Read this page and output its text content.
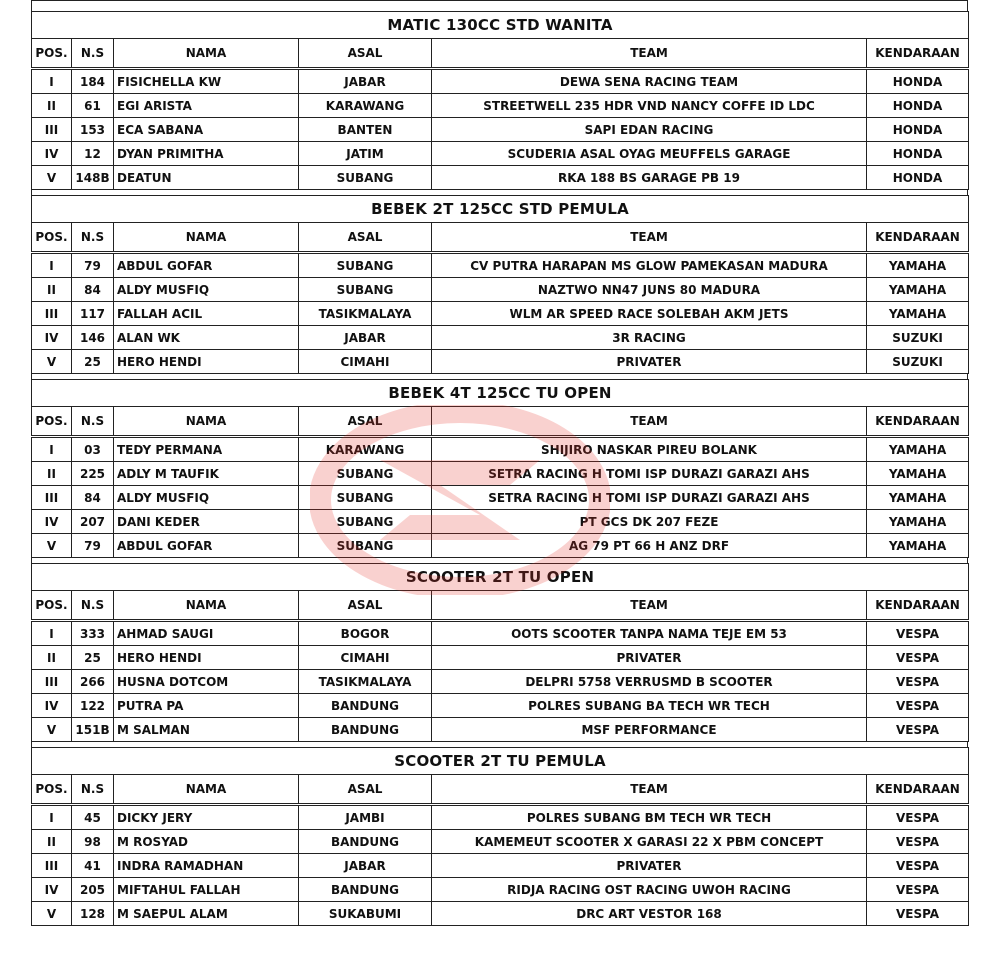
MATIC 130CC STD WANITA					
POS.	N.S	NAMA	ASAL	TEAM	KENDARAAN
I	184	FISICHELLA KW	JABAR	DEWA SENA RACING TEAM	HONDA
II	61	EGI ARISTA	KARAWANG	STREETWELL 235 HDR VND NANCY COFFE ID LDC	HONDA
III	153	ECA SABANA	BANTEN	SAPI EDAN RACING	HONDA
IV	12	DYAN PRIMITHA	JATIM	SCUDERIA ASAL OYAG MEUFFELS GARAGE	HONDA
V	148B	DEATUN	SUBANG	RKA 188 BS GARAGE PB 19	HONDA
BEBEK 2T 125CC STD PEMULA					
POS.	N.S	NAMA	ASAL	TEAM	KENDARAAN
I	79	ABDUL GOFAR	SUBANG	CV PUTRA HARAPAN MS GLOW PAMEKASAN MADURA	YAMAHA
II	84	ALDY MUSFIQ	SUBANG	NAZTWO NN47 JUNS 80 MADURA	YAMAHA
III	117	FALLAH ACIL	TASIKMALAYA	WLM AR SPEED RACE SOLEBAH AKM JETS	YAMAHA
IV	146	ALAN WK	JABAR	3R RACING	SUZUKI
V	25	HERO HENDI	CIMAHI	PRIVATER	SUZUKI
BEBEK 4T 125CC TU OPEN					
POS.	N.S	NAMA	ASAL	TEAM	KENDARAAN
I	03	TEDY PERMANA	KARAWANG	SHIJIRO NASKAR PIREU BOLANK	YAMAHA
II	225	ADLY M TAUFIK	SUBANG	SETRA RACING H TOMI ISP DURAZI GARAZI AHS	YAMAHA
III	84	ALDY MUSFIQ	SUBANG	SETRA RACING H TOMI ISP DURAZI GARAZI AHS	YAMAHA
IV	207	DANI KEDER	SUBANG	PT GCS DK 207 FEZE	YAMAHA
V	79	ABDUL GOFAR	SUBANG	AG 79 PT 66 H ANZ DRF	YAMAHA
SCOOTER 2T TU OPEN					
POS.	N.S	NAMA	ASAL	TEAM	KENDARAAN
I	333	AHMAD SAUGI	BOGOR	OOTS SCOOTER TANPA NAMA TEJE EM 53	VESPA
II	25	HERO HENDI	CIMAHI	PRIVATER	VESPA
III	266	HUSNA DOTCOM	TASIKMALAYA	DELPRI 5758 VERRUSMD B SCOOTER	VESPA
IV	122	PUTRA PA	BANDUNG	POLRES SUBANG BA TECH WR TECH	VESPA
V	151B	M SALMAN	BANDUNG	MSF PERFORMANCE	VESPA
SCOOTER 2T TU PEMULA					
POS.	N.S	NAMA	ASAL	TEAM	KENDARAAN
I	45	DICKY JERY	JAMBI	POLRES SUBANG BM TECH WR TECH	VESPA
II	98	M ROSYAD	BANDUNG	KAMEMEUT SCOOTER X GARASI 22 X PBM CONCEPT	VESPA
III	41	INDRA RAMADHAN	JABAR	PRIVATER	VESPA
IV	205	MIFTAHUL FALLAH	BANDUNG	RIDJA RACING OST RACING UWOH RACING	VESPA
V	128	M SAEPUL ALAM	SUKABUMI	DRC ART VESTOR 168	VESPA
